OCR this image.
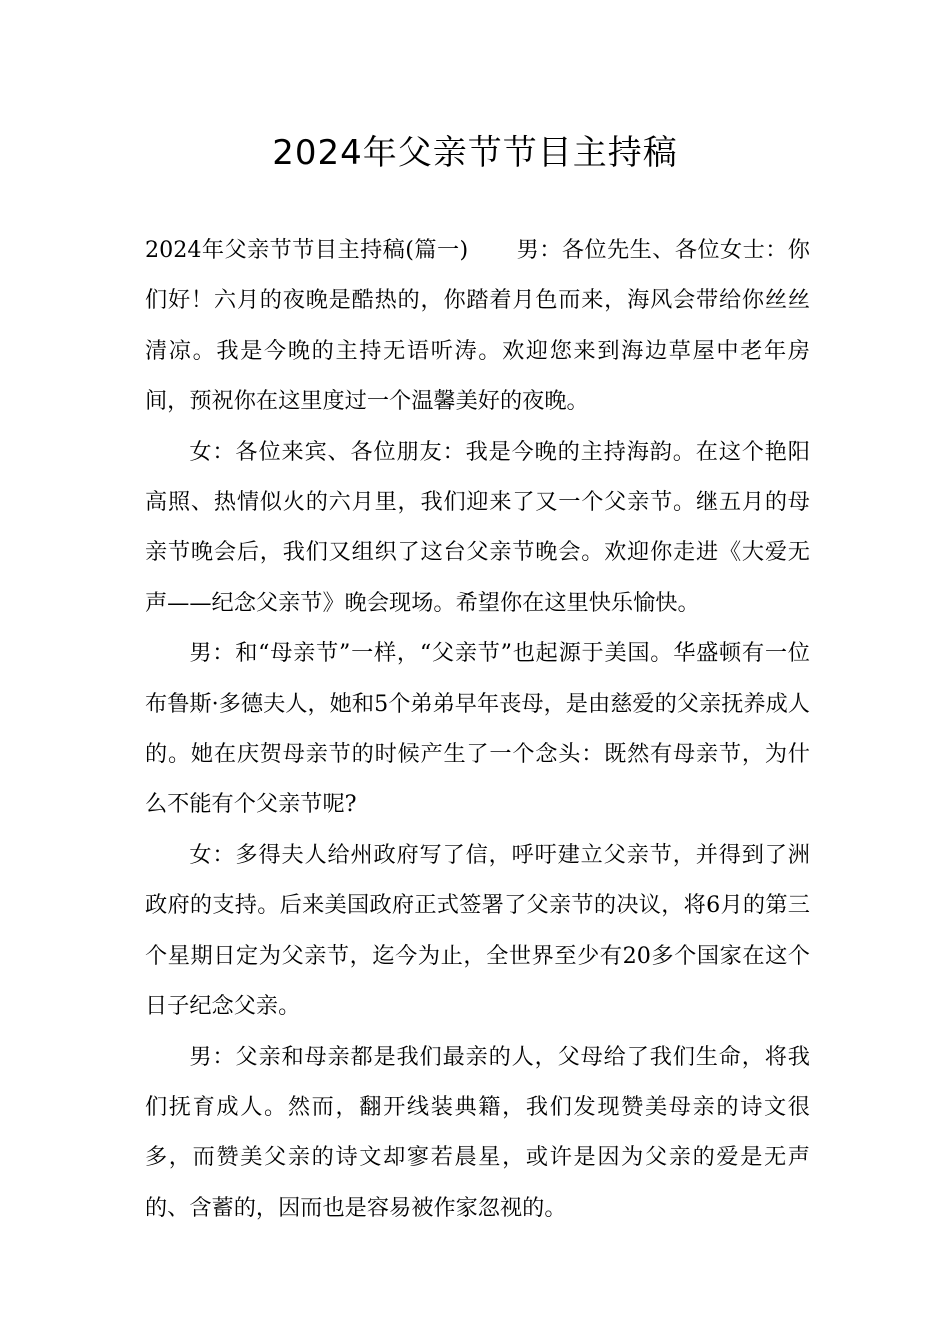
2024年父亲节节目主持稿

2024年父亲节节目主持稿(篇一) 男：各位先生、各位女士：你们好！六月的夜晚是酷热的，你踏着月色而来，海风会带给你丝丝清凉。我是今晚的主持无语听涛。欢迎您来到海边草屋中老年房间，预祝你在这里度过一个温馨美好的夜晚。

女：各位来宾、各位朋友：我是今晚的主持海韵。在这个艳阳高照、热情似火的六月里，我们迎来了又一个父亲节。继五月的母亲节晚会后，我们又组织了这台父亲节晚会。欢迎你走进《大爱无声——纪念父亲节》晚会现场。希望你在这里快乐愉快。

男：和“母亲节”一样，“父亲节”也起源于美国。华盛顿有一位布鲁斯·多德夫人，她和5个弟弟早年丧母，是由慈爱的父亲抚养成人的。她在庆贺母亲节的时候产生了一个念头：既然有母亲节，为什么不能有个父亲节呢?

女：多得夫人给州政府写了信，呼吁建立父亲节，并得到了洲政府的支持。后来美国政府正式签署了父亲节的决议，将6月的第三个星期日定为父亲节，迄今为止，全世界至少有20多个国家在这个日子纪念父亲。

男：父亲和母亲都是我们最亲的人，父母给了我们生命，将我们抚育成人。然而，翻开线装典籍，我们发现赞美母亲的诗文很多，而赞美父亲的诗文却寥若晨星，或许是因为父亲的爱是无声的、含蓄的，因而也是容易被作家忽视的。
